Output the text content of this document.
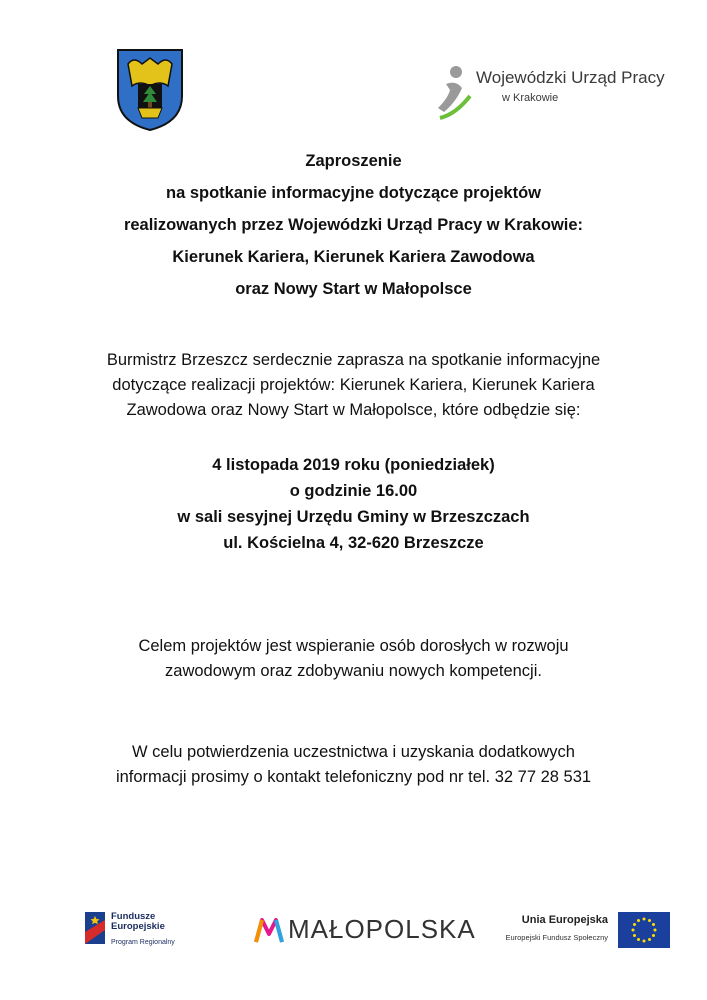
Wojewódzki Urząd Pracy
w Krakowie
Zaproszenie
na spotkanie informacyjne dotyczące projektów
realizowanych przez Wojewódzki Urząd Pracy w Krakowie:
Kierunek Kariera, Kierunek Kariera Zawodowa
oraz Nowy Start w Małopolsce
Burmistrz Brzeszcz serdecznie zaprasza na spotkanie informacyjne
dotyczące realizacji projektów: Kierunek Kariera, Kierunek Kariera
Zawodowa oraz Nowy Start w Małopolsce, które odbędzie się:
4 listopada 2019 roku (poniedziałek)
o godzinie 16.00
w sali sesyjnej Urzędu Gminy w Brzeszczach
ul. Kościelna 4, 32-620 Brzeszcze
Celem projektów jest wspieranie osób dorosłych w rozwoju
zawodowym oraz zdobywaniu nowych kompetencji.
W celu potwierdzenia uczestnictwa i uzyskania dodatkowych
informacji prosimy o kontakt telefoniczny pod nr tel. 32 77 28 531
Fundusze
Europejskie
Program Regionalny	MAŁOPOLSKA	Unia Europejska
Europejski Fundusz Społeczny
